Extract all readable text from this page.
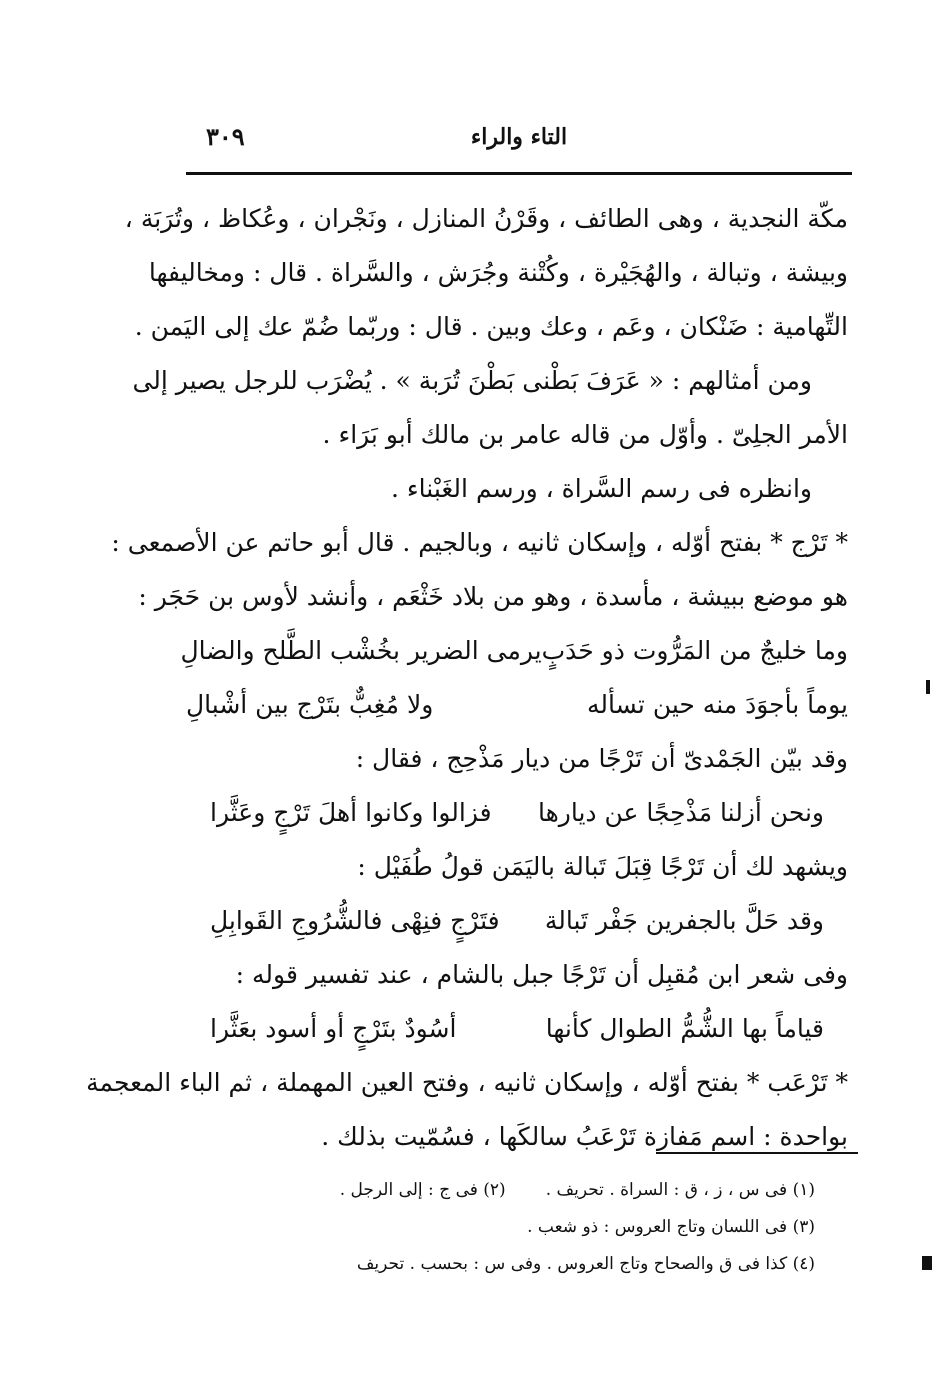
التاء والراء
٣٠٩
مكّة النجدية ، وهى الطائف ، وقَرْنُ المنازل ، ونَجْران ، وعُكاظ ، وتُرَبَة ،
وبيشة ، وتبالة ، والهُجَيْرة ، وكُتْنة وجُرَش ، والسَّراة . قال : ومخاليفها
التِّهامية : ضَنْكان ، وعَم ، وعك وبين . قال : وربّما ضُمّ عك إلى اليَمن .
ومن أمثالهم : « عَرَفَ بَطْنى بَطْنَ تُرَبة » . يُضْرَب للرجل يصير إلى
الأمر الجلِىّ . وأوّل من قاله عامر بن مالك أبو بَرَاء .
وانظره فى رسم السَّراة ، ورسم الغَبْناء .
* تَرْج * بفتح أوّله ، وإسكان ثانيه ، وبالجيم . قال أبو حاتم عن الأصمعى :
هو موضع ببيشة ، مأسدة ، وهو من بلاد خَثْعَم ، وأنشد لأوس بن حَجَر :
وما خليجٌ من المَرُّوت ذو حَدَبٍ
يرمى الضرير بخُشْب الطَّلح والضالِ
يوماً بأجوَدَ منه حين تسأله
ولا مُغِبٌّ بتَرْج بين أشْبالِ
وقد بيّن الجَمْدىّ أن تَرْجًا من ديار مَذْحِج ، فقال :
ونحن أزلنا مَذْحِجًا عن ديارها
فزالوا وكانوا أهلَ تَرْجٍ وعَثَّرا
ويشهد لك أن تَرْجًا قِبَلَ تَبالة باليَمَن قولُ طُفَيْل :
وقد حَلَّ بالجفرين جَفْر تَبالة
فتَرْجٍ فنِهْى فالشُّرُوجِ القَوابِلِ
وفى شعر ابن مُقبِل أن تَرْجًا جبل بالشام ، عند تفسير قوله :
قياماً بها الشُّمُّ الطوال كأنها
أسُودٌ بتَرْجٍ أو أسود بعَثَّرا
* تَرْعَب * بفتح أوّله ، وإسكان ثانيه ، وفتح العين المهملة ، ثم الباء المعجمة
بواحدة : اسم مَفازة تَرْعَبُ سالكَها ، فسُمّيت بذلك .
(١) فى س ، ز ، ق : السراة . تحريف .(٢) فى ج : إلى الرجل .
(٣) فى اللسان وتاج العروس : ذو شعب .
(٤) كذا فى ق والصحاح وتاج العروس . وفى س : بحسب . تحريف
